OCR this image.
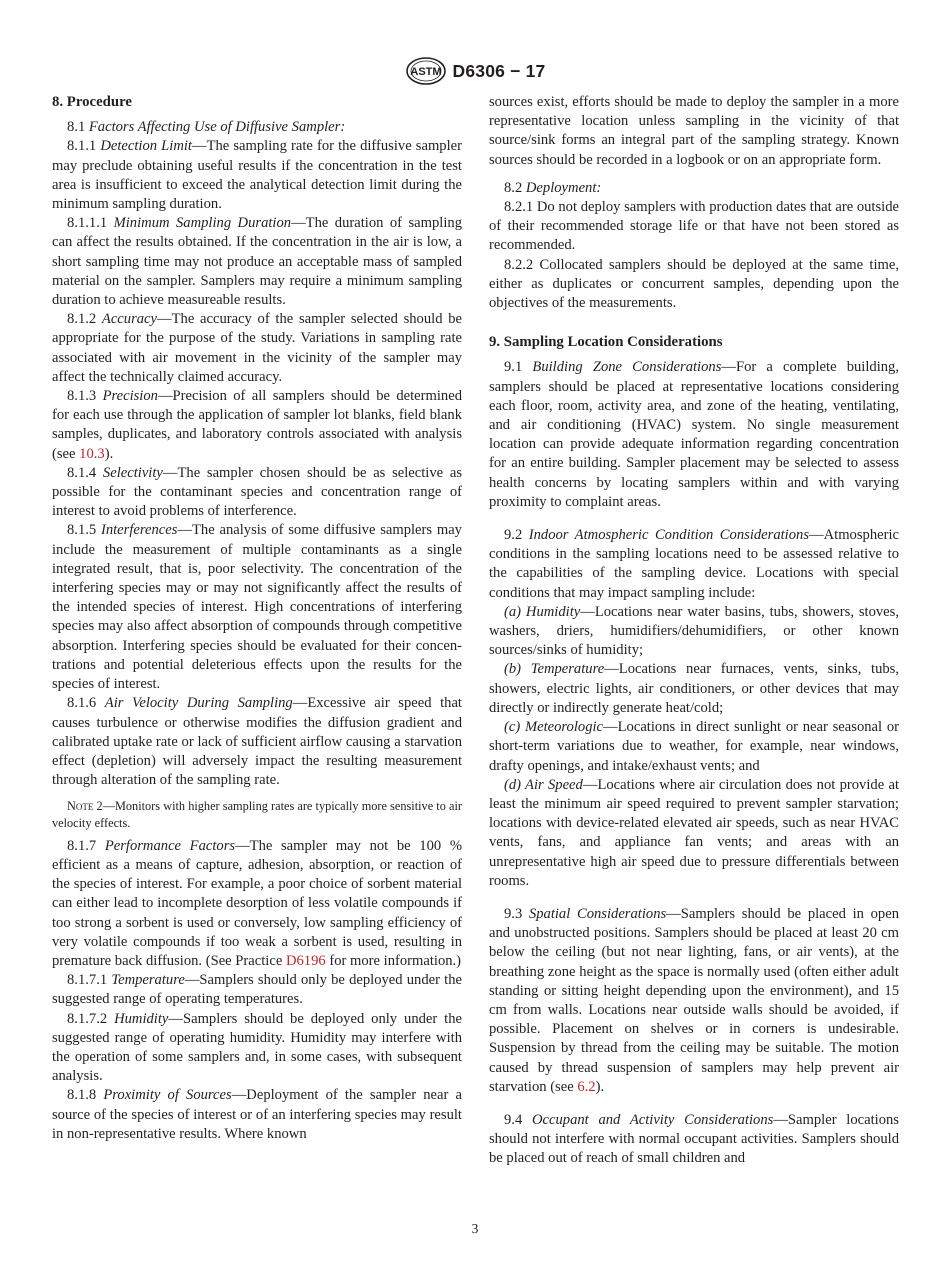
ASTM D6306 − 17

8. Procedure

8.1 Factors Affecting Use of Diffusive Sampler:

8.1.1 Detection Limit—The sampling rate for the diffusive sampler may preclude obtaining useful results if the concentration in the test area is insufficient to exceed the analytical detection limit during the minimum sampling duration.

8.1.1.1 Minimum Sampling Duration—The duration of sampling can affect the results obtained. If the concentration in the air is low, a short sampling time may not produce an acceptable mass of sampled material on the sampler. Samplers may require a minimum sampling duration to achieve measureable results.

8.1.2 Accuracy—The accuracy of the sampler selected should be appropriate for the purpose of the study. Variations in sampling rate associated with air movement in the vicinity of the sampler may affect the technically claimed accuracy.

8.1.3 Precision—Precision of all samplers should be determined for each use through the application of sampler lot blanks, field blank samples, duplicates, and laboratory controls associated with analysis (see 10.3).

8.1.4 Selectivity—The sampler chosen should be as selective as possible for the contaminant species and concentration range of interest to avoid problems of interference.

8.1.5 Interferences—The analysis of some diffusive samplers may include the measurement of multiple contaminants as a single integrated result, that is, poor selectivity. The concentration of the interfering species may or may not significantly affect the results of the intended species of interest. High concentrations of interfering species may also affect absorption of compounds through competitive absorption. Interfering species should be evaluated for their concentrations and potential deleterious effects upon the results for the species of interest.

8.1.6 Air Velocity During Sampling—Excessive air speed that causes turbulence or otherwise modifies the diffusion gradient and calibrated uptake rate or lack of sufficient airflow causing a starvation effect (depletion) will adversely impact the resulting measurement through alteration of the sampling rate.

Note 2—Monitors with higher sampling rates are typically more sensitive to air velocity effects.

8.1.7 Performance Factors—The sampler may not be 100 % efficient as a means of capture, adhesion, absorption, or reaction of the species of interest. For example, a poor choice of sorbent material can either lead to incomplete desorption of less volatile compounds if too strong a sorbent is used or conversely, low sampling efficiency of very volatile compounds if too weak a sorbent is used, resulting in premature back diffusion. (See Practice D6196 for more information.)

8.1.7.1 Temperature—Samplers should only be deployed under the suggested range of operating temperatures.

8.1.7.2 Humidity—Samplers should be deployed only under the suggested range of operating humidity. Humidity may interfere with the operation of some samplers and, in some cases, with subsequent analysis.

8.1.8 Proximity of Sources—Deployment of the sampler near a source of the species of interest or of an interfering species may result in non-representative results. Where known

sources exist, efforts should be made to deploy the sampler in a more representative location unless sampling in the vicinity of that source/sink forms an integral part of the sampling strategy. Known sources should be recorded in a logbook or on an appropriate form.

8.2 Deployment:

8.2.1 Do not deploy samplers with production dates that are outside of their recommended storage life or that have not been stored as recommended.

8.2.2 Collocated samplers should be deployed at the same time, either as duplicates or concurrent samples, depending upon the objectives of the measurements.

9. Sampling Location Considerations

9.1 Building Zone Considerations—For a complete building, samplers should be placed at representative locations considering each floor, room, activity area, and zone of the heating, ventilating, and air conditioning (HVAC) system. No single measurement location can provide adequate information regarding concentration for an entire building. Sampler placement may be selected to assess health concerns by locating samplers within and with varying proximity to complaint areas.

9.2 Indoor Atmospheric Condition Considerations—Atmospheric conditions in the sampling locations need to be assessed relative to the capabilities of the sampling device. Locations with special conditions that may impact sampling include:

(a) Humidity—Locations near water basins, tubs, showers, stoves, washers, driers, humidifiers/dehumidifiers, or other known sources/sinks of humidity;

(b) Temperature—Locations near furnaces, vents, sinks, tubs, showers, electric lights, air conditioners, or other devices that may directly or indirectly generate heat/cold;

(c) Meteorologic—Locations in direct sunlight or near seasonal or short-term variations due to weather, for example, near windows, drafty openings, and intake/exhaust vents; and

(d) Air Speed—Locations where air circulation does not provide at least the minimum air speed required to prevent sampler starvation; locations with device-related elevated air speeds, such as near HVAC vents, fans, and appliance fan vents; and areas with an unrepresentative high air speed due to pressure differentials between rooms.

9.3 Spatial Considerations—Samplers should be placed in open and unobstructed positions. Samplers should be placed at least 20 cm below the ceiling (but not near lighting, fans, or air vents), at the breathing zone height as the space is normally used (often either adult standing or sitting height depending upon the environment), and 15 cm from walls. Locations near outside walls should be avoided, if possible. Placement on shelves or in corners is undesirable. Suspension by thread from the ceiling may be suitable. The motion caused by thread suspension of samplers may help prevent air starvation (see 6.2).

9.4 Occupant and Activity Considerations—Sampler locations should not interfere with normal occupant activities. Samplers should be placed out of reach of small children and

3
